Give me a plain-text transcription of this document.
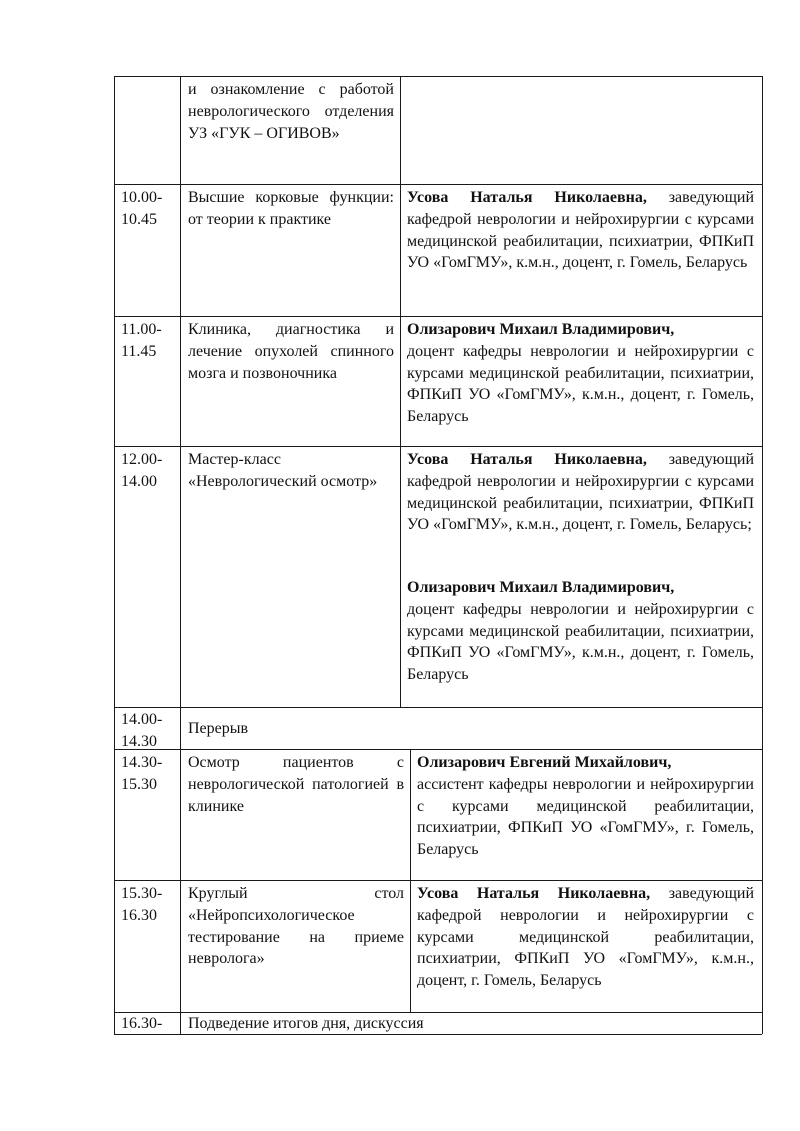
и ознакомление с работой неврологического отделения УЗ «ГУК – ОГИВОВ»
10.00-
10.45
Высшие корковые функции: от теории к практике
Усова Наталья Николаевна, заведующий кафедрой неврологии и нейрохирургии с курсами медицинской реабилитации, психиатрии, ФПКиП УО «ГомГМУ», к.м.н., доцент, г. Гомель, Беларусь
11.00-
11.45
Клиника, диагностика и лечение опухолей спинного мозга и позвоночника
Олизарович Михаил Владимирович,
доцент кафедры неврологии и нейрохирургии с курсами медицинской реабилитации, психиатрии, ФПКиП УО «ГомГМУ», к.м.н., доцент, г. Гомель, Беларусь
12.00-
14.00
Мастер-класс «Неврологический осмотр»
Усова Наталья Николаевна, заведующий кафедрой неврологии и нейрохирургии с курсами медицинской реабилитации, психиатрии, ФПКиП УО «ГомГМУ», к.м.н., доцент, г. Гомель, Беларусь;
Олизарович Михаил Владимирович,
доцент кафедры неврологии и нейрохирургии с курсами медицинской реабилитации, психиатрии, ФПКиП УО «ГомГМУ», к.м.н., доцент, г. Гомель, Беларусь
14.00-
14.30
Перерыв
14.30-
15.30
Осмотр пациентов с неврологической патологией в клинике
Олизарович Евгений Михайлович,
ассистент кафедры неврологии и нейрохирургии с курсами медицинской реабилитации, психиатрии, ФПКиП УО «ГомГМУ», г. Гомель, Беларусь
15.30-
16.30
Круглый стол «Нейропсихологическое тестирование на приеме невролога»
Усова Наталья Николаевна, заведующий кафедрой неврологии и нейрохирургии с курсами медицинской реабилитации, психиатрии, ФПКиП УО «ГомГМУ», к.м.н., доцент, г. Гомель, Беларусь
16.30-	Подведение итогов дня, дискуссия
